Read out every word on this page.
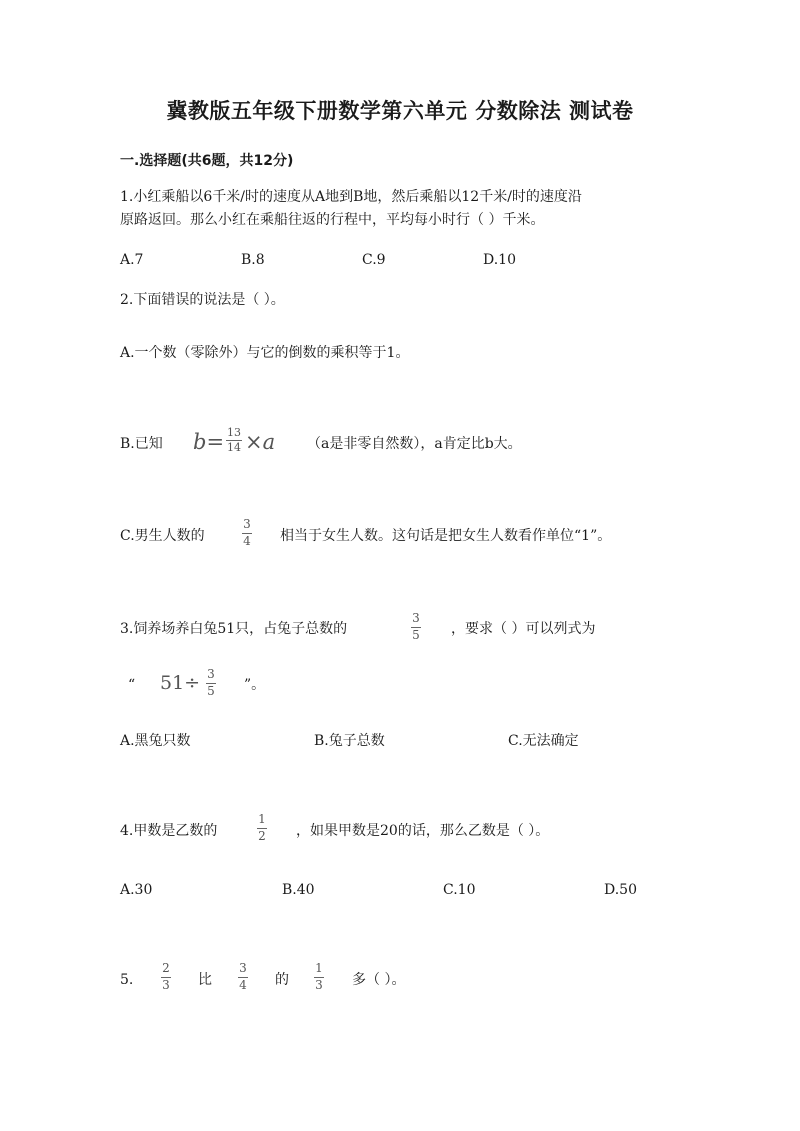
冀教版五年级下册数学第六单元 分数除法 测试卷
一.选择题(共6题，共12分)
1.小红乘船以6千米/时的速度从A地到B地，然后乘船以12千米/时的速度沿
原路返回。那么小红在乘船往返的行程中，平均每小时行（ ）千米。
A.7	B.8	C.9	D.10
2.下面错误的说法是（ ）。
A.一个数（零除外）与它的倒数的乘积等于1。
B.已知 b= 13
14 ×a （a是非零自然数），a肯定比b大。
C.男生人数的
3
4 相当于女生人数。这句话是把女生人数看作单位“1”。
3.饲养场养白兔51只，占兔子总数的
3
5 ，要求（ ）可以列式为
“ 51÷ 3
5 ”。
A.黑兔只数	B.兔子总数	C.无法确定
4.甲数是乙数的
1
2 ，如果甲数是20的话，那么乙数是（ ）。
A.30	B.40	C.10	D.50
5.
2
3 比
3
4 的
1
3 多（ ）。
